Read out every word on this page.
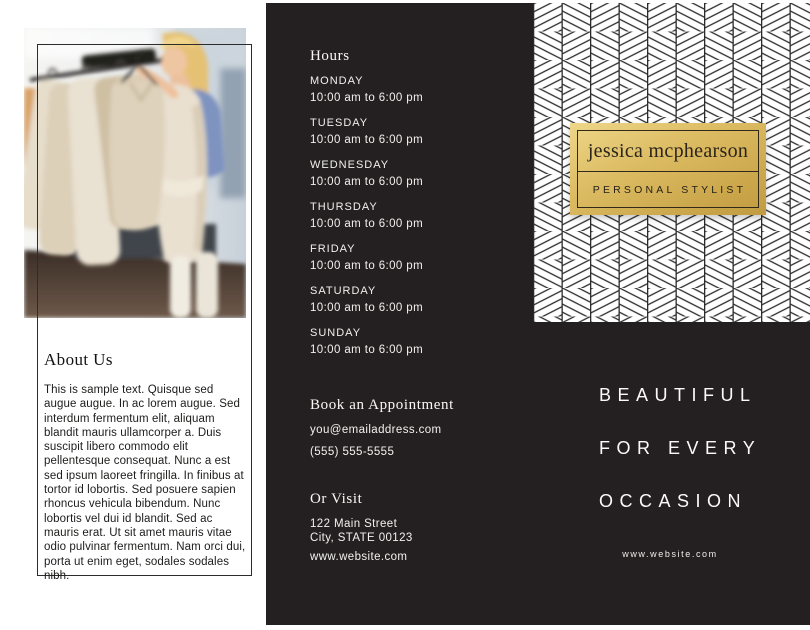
About Us

This is sample text. Quisque sed augue augue. In ac lorem augue. Sed interdum fermentum elit, aliquam blandit mauris ullamcorper a. Duis suscipit libero commodo elit pellentesque consequat. Nunc a est sed ipsum laoreet fringilla. In finibus at tortor id lobortis. Sed posuere sapien rhoncus vehicula bibendum. Nunc lobortis vel dui id blandit. Sed ac mauris erat. Ut sit amet mauris vitae odio pulvinar fermentum. Nam orci dui, porta ut enim eget, sodales sodales nibh.

Hours
MONDAY
10:00 am to 6:00 pm
TUESDAY
10:00 am to 6:00 pm
WEDNESDAY
10:00 am to 6:00 pm
THURSDAY
10:00 am to 6:00 pm
FRIDAY
10:00 am to 6:00 pm
SATURDAY
10:00 am to 6:00 pm
SUNDAY
10:00 am to 6:00 pm
Book an Appointment

you@emailaddress.com

(555) 555-5555

Or Visit

122 Main Street

City, STATE 00123

www.website.com

jessica mcphearson
PERSONAL STYLIST
BEAUTIFUL
FOR EVERY
OCCASION
www.website.com
